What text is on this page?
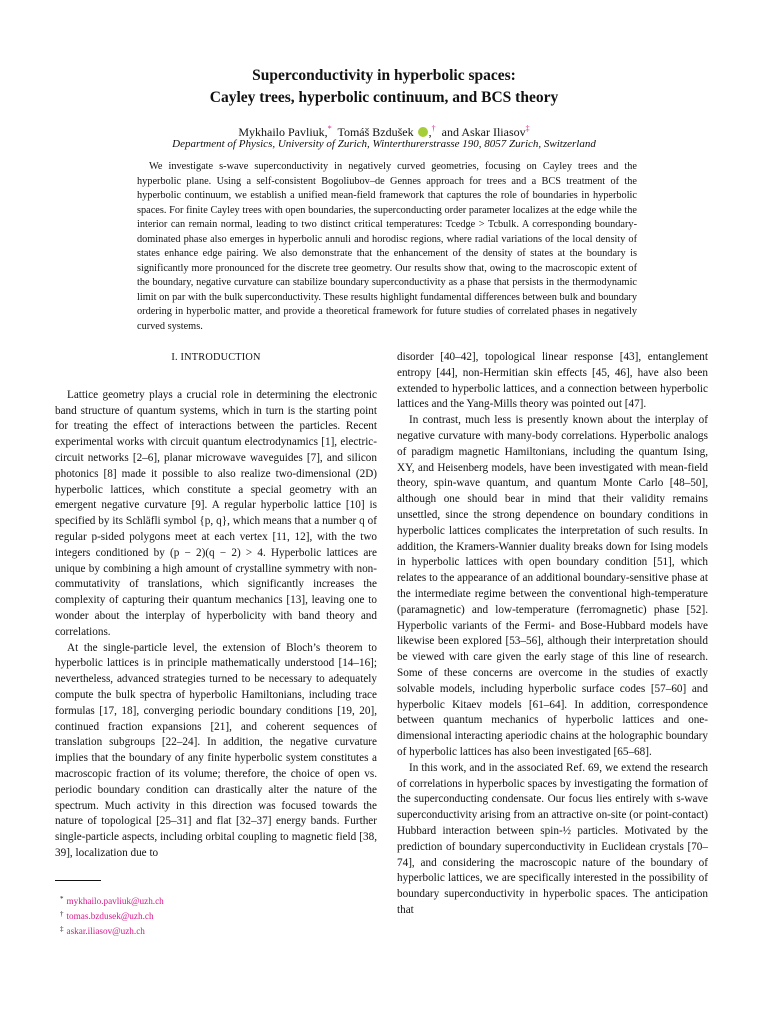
Superconductivity in hyperbolic spaces:
Cayley trees, hyperbolic continuum, and BCS theory
Mykhailo Pavliuk,* Tomáš Bzdušek ,† and Askar Iliasov‡
Department of Physics, University of Zurich, Winterthurerstrasse 190, 8057 Zurich, Switzerland

We investigate s-wave superconductivity in negatively curved geometries, focusing on Cayley trees and the hyperbolic plane. Using a self-consistent Bogoliubov–de Gennes approach for trees and a BCS treatment of the hyperbolic continuum, we establish a unified mean-field framework that captures the role of boundaries in hyperbolic spaces. For finite Cayley trees with open boundaries, the superconducting order parameter localizes at the edge while the interior can remain normal, leading to two distinct critical temperatures: Tcedge > Tcbulk. A corresponding boundary-dominated phase also emerges in hyperbolic annuli and horodisc regions, where radial variations of the local density of states enhance edge pairing. We also demonstrate that the enhancement of the density of states at the boundary is significantly more pronounced for the discrete tree geometry. Our results show that, owing to the macroscopic extent of the boundary, negative curvature can stabilize boundary superconductivity as a phase that persists in the thermodynamic limit on par with the bulk superconductivity. These results highlight fundamental differences between bulk and boundary ordering in hyperbolic matter, and provide a theoretical framework for future studies of correlated phases in negatively curved systems.

I. INTRODUCTION

Lattice geometry plays a crucial role in determining the electronic band structure of quantum systems, which in turn is the starting point for treating the effect of interactions between the particles. Recent experimental works with circuit quantum electrodynamics [1], electric-circuit networks [2–6], planar microwave waveguides [7], and silicon photonics [8] made it possible to also realize two-dimensional (2D) hyperbolic lattices, which constitute a special geometry with an emergent negative curvature [9]. A regular hyperbolic lattice [10] is specified by its Schläfli symbol {p, q}, which means that a number q of regular p-sided polygons meet at each vertex [11, 12], with the two integers conditioned by (p − 2)(q − 2) > 4. Hyperbolic lattices are unique by combining a high amount of crystalline symmetry with non-commutativity of translations, which significantly increases the complexity of capturing their quantum mechanics [13], leaving one to wonder about the interplay of hyperbolicity with band theory and correlations.

At the single-particle level, the extension of Bloch’s theorem to hyperbolic lattices is in principle mathematically understood [14–16]; nevertheless, advanced strategies turned to be necessary to adequately compute the bulk spectra of hyperbolic Hamiltonians, including trace formulas [17, 18], converging periodic boundary conditions [19, 20], continued fraction expansions [21], and coherent sequences of translation subgroups [22–24]. In addition, the negative curvature implies that the boundary of any finite hyperbolic system constitutes a macroscopic fraction of its volume; therefore, the choice of open vs. periodic boundary condition can drastically alter the nature of the spectrum. Much activity in this direction was focused towards the nature of topological [25–31] and flat [32–37] energy bands. Further single-particle aspects, including orbital coupling to magnetic field [38, 39], localization due to

disorder [40–42], topological linear response [43], entanglement entropy [44], non-Hermitian skin effects [45, 46], have also been extended to hyperbolic lattices, and a connection between hyperbolic lattices and the Yang-Mills theory was pointed out [47].

In contrast, much less is presently known about the interplay of negative curvature with many-body correlations. Hyperbolic analogs of paradigm magnetic Hamiltonians, including the quantum Ising, XY, and Heisenberg models, have been investigated with mean-field theory, spin-wave quantum, and quantum Monte Carlo [48–50], although one should bear in mind that their validity remains unsettled, since the strong dependence on boundary conditions in hyperbolic lattices complicates the interpretation of such results. In addition, the Kramers-Wannier duality breaks down for Ising models in hyperbolic lattices with open boundary condition [51], which relates to the appearance of an additional boundary-sensitive phase at the intermediate regime between the conventional high-temperature (paramagnetic) and low-temperature (ferromagnetic) phase [52]. Hyperbolic variants of the Fermi- and Bose-Hubbard models have likewise been explored [53–56], although their interpretation should be viewed with care given the early stage of this line of research. Some of these concerns are overcome in the studies of exactly solvable models, including hyperbolic surface codes [57–60] and hyperbolic Kitaev models [61–64]. In addition, correspondence between quantum mechanics of hyperbolic lattices and one-dimensional interacting aperiodic chains at the holographic boundary of hyperbolic lattices has also been investigated [65–68].

In this work, and in the associated Ref. 69, we extend the research of correlations in hyperbolic spaces by investigating the formation of the superconducting condensate. Our focus lies entirely with s-wave superconductivity arising from an attractive on-site (or point-contact) Hubbard interaction between spin-½ particles. Motivated by the prediction of boundary superconductivity in Euclidean crystals [70–74], and considering the macroscopic nature of the boundary of hyperbolic lattices, we are specifically interested in the possibility of boundary superconductivity in hyperbolic spaces. The anticipation that

* mykhailo.pavliuk@uzh.ch
† tomas.bzdusek@uzh.ch
‡ askar.iliasov@uzh.ch
